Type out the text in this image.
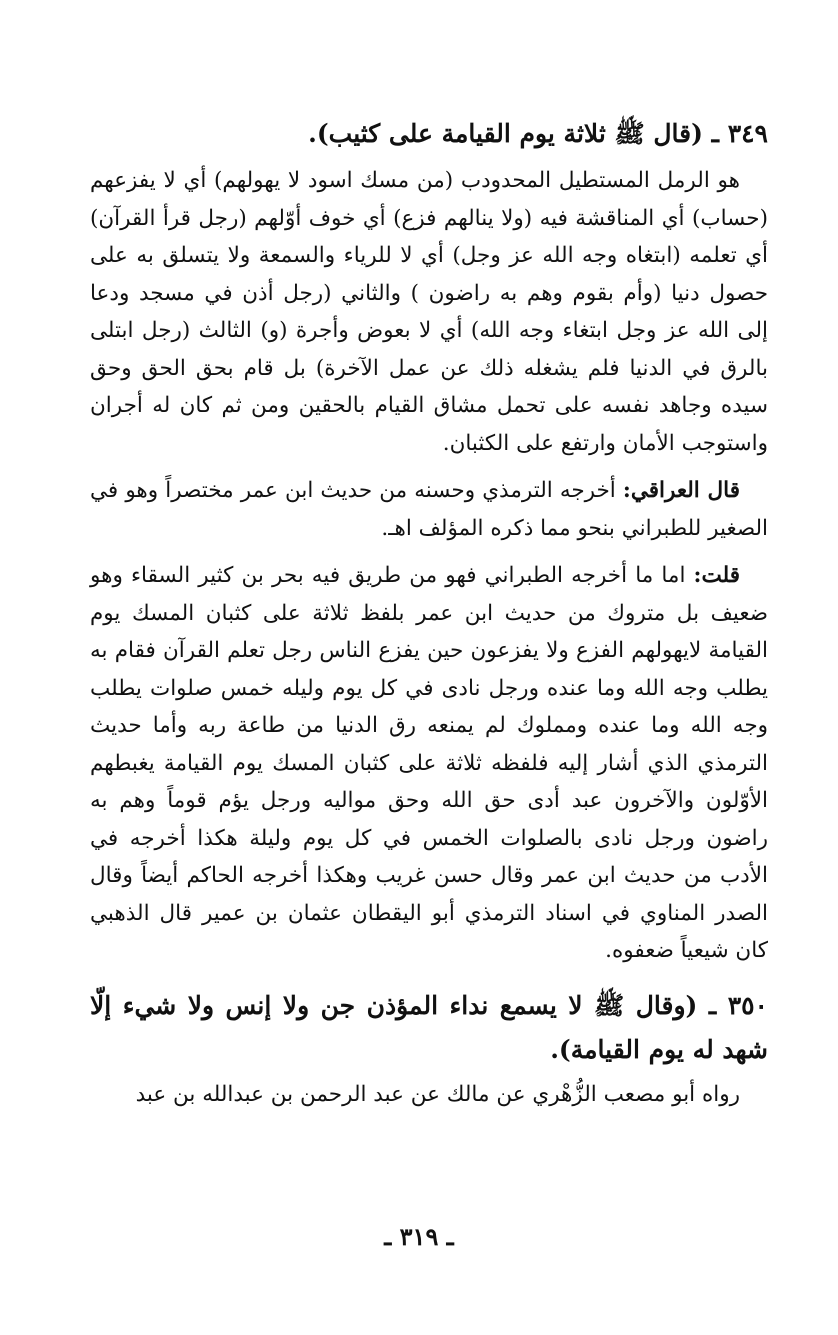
٣٤٩ ـ (قال ﷺ ثلاثة يوم القيامة على كثيب).

هو الرمل المستطيل المحدودب (من مسك اسود لا يهولهم) أي لا يفزعهم (حساب) أي المناقشة فيه (ولا ينالهم فزع) أي خوف أوّلهم (رجل قرأ القرآن) أي تعلمه (ابتغاه وجه الله عز وجل) أي لا للرياء والسمعة ولا يتسلق به على حصول دنيا (وأم بقوم وهم به راضون ) والثاني (رجل أذن في مسجد ودعا إلى الله عز وجل ابتغاء وجه الله) أي لا بعوض وأجرة (و) الثالث (رجل ابتلى بالرق في الدنيا فلم يشغله ذلك عن عمل الآخرة) بل قام بحق الحق وحق سيده وجاهد نفسه على تحمل مشاق القيام بالحقين ومن ثم كان له أجران واستوجب الأمان وارتفع على الكثبان.

قال العراقي: أخرجه الترمذي وحسنه من حديث ابن عمر مختصراً وهو في الصغير للطبراني بنحو مما ذكره المؤلف اهـ.

قلت: اما ما أخرجه الطبراني فهو من طريق فيه بحر بن كثير السقاء وهو ضعيف بل متروك من حديث ابن عمر بلفظ ثلاثة على كثبان المسك يوم القيامة لايهولهم الفزع ولا يفزعون حين يفزع الناس رجل تعلم القرآن فقام به يطلب وجه الله وما عنده ورجل نادى في كل يوم وليله خمس صلوات يطلب وجه الله وما عنده ومملوك لم يمنعه رق الدنيا من طاعة ربه وأما حديث الترمذي الذي أشار إليه فلفظه ثلاثة على كثبان المسك يوم القيامة يغبطهم الأوّلون والآخرون عبد أدى حق الله وحق مواليه ورجل يؤم قوماً وهم به راضون ورجل نادى بالصلوات الخمس في كل يوم وليلة هكذا أخرجه في الأدب من حديث ابن عمر وقال حسن غريب وهكذا أخرجه الحاكم أيضاً وقال الصدر المناوي في اسناد الترمذي أبو اليقطان عثمان بن عمير قال الذهبي كان شيعياً ضعفوه.

٣٥٠ ـ (وقال ﷺ لا يسمع نداء المؤذن جن ولا إنس ولا شيء إلّا شهد له يوم القيامة).

رواه أبو مصعب الزُّهْري عن مالك عن عبد الرحمن بن عبدالله بن عبد

ـ ٣١٩ ـ
